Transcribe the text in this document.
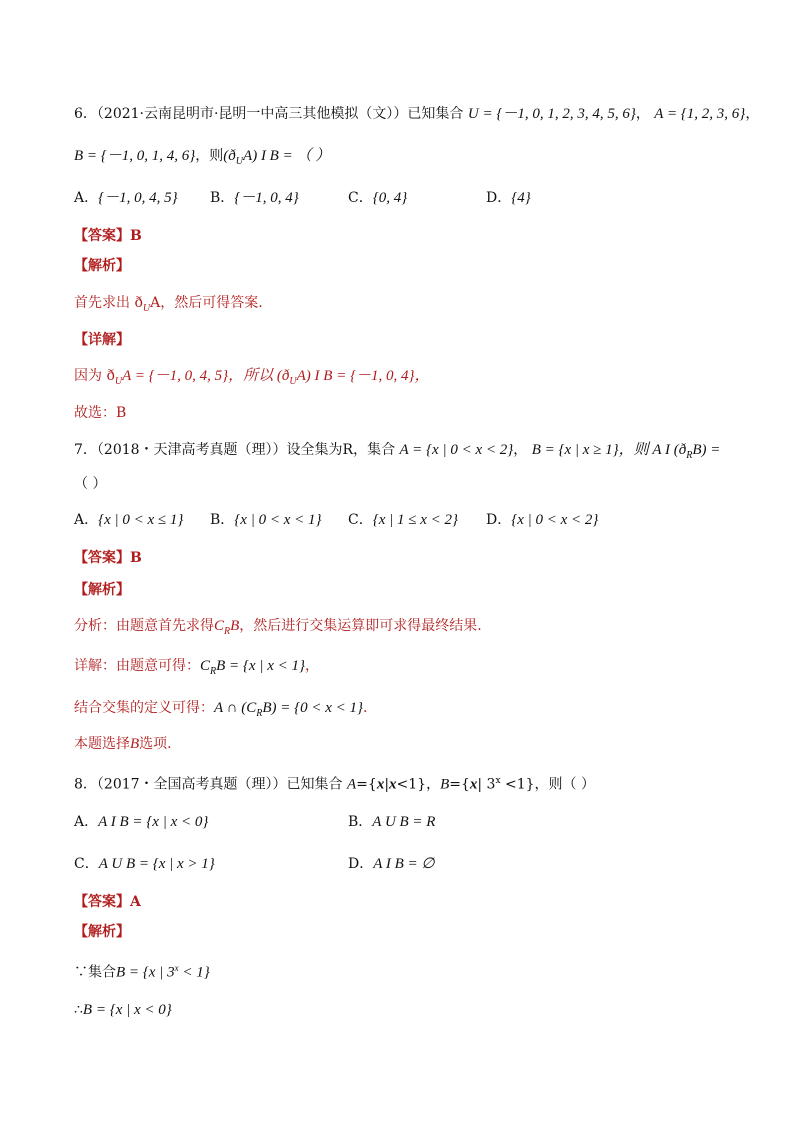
6．（2021·云南昆明市·昆明一中高三其他模拟（文））已知集合 U = {－1, 0, 1, 2, 3, 4, 5, 6}， A = {1, 2, 3, 6}，
B = {－1, 0, 1, 4, 6}，则$(ð_UA)$ I B = （ ）
A．{－1, 0, 4, 5} B．{－1, 0, 4}	C．{0, 4}	D．{4}
【答案】B
【解析】
首先求出 $ð_UA$，然后可得答案.
【详解】
因为 $ð_UA = \{-1$, 0, 4, 5}，所以 $(ð_UA)$ I B = {－1, 0, 4}，
故选：B
7．（2018・天津高考真题（理））设全集为R，集合 A = {x | 0 < x < 2}， B = {x | x ≥ 1}，则 A I $(ð_RB)$ =
（ ）
A．{x | 0 < x ≤ 1} B．{x | 0 < x < 1} C．{x | 1 ≤ x < 2} D．{x | 0 < x < 2}
【答案】B
【解析】
分析：由题意首先求得$C_RB$，然后进行交集运算即可求得最终结果.
详解：由题意可得：$C_RB = \{x$ | x < 1}，
结合交集的定义可得：A ∩ $(C_RB) = \{0 < x < 1\}$.
本题选择B选项.
8．（2017・全国高考真题（理））已知集合 A={x|x<1}，B={x| $3^x <1$}，则（ ）
A．A I B = {x | x < 0}	B．A U B = R
C．A U B = {x | x > 1}	D．A I B = ∅
【答案】A
【解析】
∵集合B = {x | $3^x < 1$}
∴B = {x | x < 0}
